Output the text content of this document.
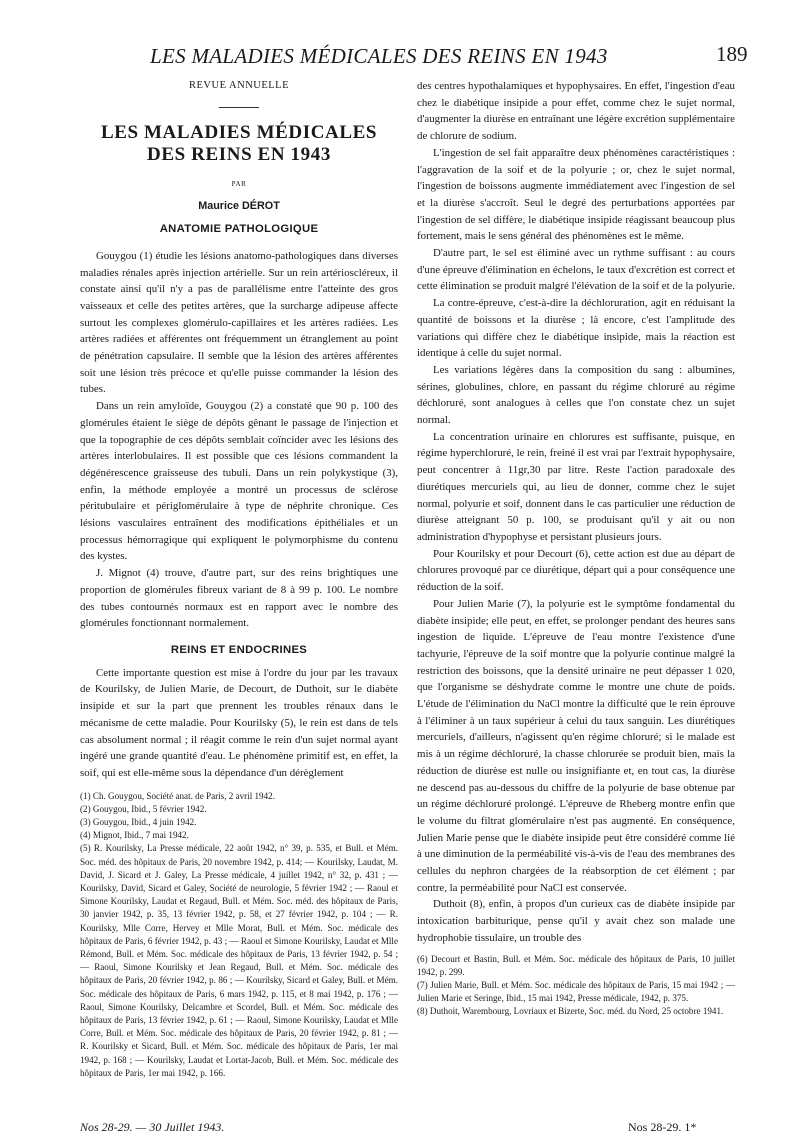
LES MALADIES MÉDICALES DES REINS EN 1943	189
REVUE ANNUELLE
LES MALADIES MÉDICALES DES REINS EN 1943
PAR
Maurice DÉROT
ANATOMIE PATHOLOGIQUE

Gouygou (1) étudie les lésions anatomo-pathologiques dans diverses maladies rénales après injection artérielle. Sur un rein artérioscléreux, il constate ainsi qu'il n'y a pas de parallélisme entre l'atteinte des gros vaisseaux et celle des petites artères, que la surcharge adipeuse affecte surtout les complexes glomérulo-capillaires et les artères radiées. Les artères radiées et afférentes ont fréquemment un étranglement au point de pénétration capsulaire. Il semble que la lésion des artères afférentes soit une lésion très précoce et qu'elle puisse commander la lésion des tubes.

Dans un rein amyloïde, Gouygou (2) a constaté que 90 p. 100 des glomérules étaient le siège de dépôts gênant le passage de l'injection et que la topographie de ces dépôts semblait coïncider avec les lésions des artères interlobulaires. Il est possible que ces lésions commandent la dégénérescence graisseuse des tubuli. Dans un rein polykystique (3), enfin, la méthode employée a montré un processus de sclérose péritubulaire et périglomérulaire à type de néphrite chronique. Ces lésions vasculaires entraînent des modifications épithéliales et un processus hémorragique qui expliquent le polymorphisme du contenu des kystes.

J. Mignot (4) trouve, d'autre part, sur des reins brightiques une proportion de glomérules fibreux variant de 8 à 99 p. 100. Le nombre des tubes contournés normaux est en rapport avec le nombre des glomérules fonctionnant normalement.

REINS ET ENDOCRINES

Cette importante question est mise à l'ordre du jour par les travaux de Kourilsky, de Julien Marie, de Decourt, de Duthoit, sur le diabète insipide et sur la part que prennent les troubles rénaux dans le mécanisme de cette maladie. Pour Kourilsky (5), le rein est dans de tels cas absolument normal ; il réagit comme le rein d'un sujet normal ayant ingéré une grande quantité d'eau. Le phénomène primitif est, en effet, la soif, qui est elle-même sous la dépendance d'un dérèglement

(1) Ch. Gouygou, Société anat. de Paris, 2 avril 1942.
(2) Gouygou, Ibid., 5 février 1942.
(3) Gouygou, Ibid., 4 juin 1942.
(4) Mignot, Ibid., 7 mai 1942.
(5) R. Kourilsky, La Presse médicale, 22 août 1942, n° 39, p. 535, et Bull. et Mém. Soc. méd. des hôpitaux de Paris, 20 novembre 1942, p. 414; — Kourilsky, Laudat, M. David, J. Sicard et J. Galey, La Presse médicale, 4 juillet 1942, n° 32, p. 431 ; — Kourilsky, David, Sicard et Galey, Société de neurologie, 5 février 1942 ; — Raoul et Simone Kourilsky, Laudat et Regaud, Bull. et Mém. Soc. méd. des hôpitaux de Paris, 30 janvier 1942, p. 35, 13 février 1942, p. 58, et 27 février 1942, p. 104 ; — R. Kourilsky, Mlle Corre, Hervey et Mlle Morat, Bull. et Mém. Soc. médicale des hôpitaux de Paris, 6 février 1942, p. 43 ; — Raoul et Simone Kourilsky, Laudat et Mlle Rémond, Bull. et Mém. Soc. médicale des hôpitaux de Paris, 13 février 1942, p. 54 ; — Raoul, Simone Kourilsky et Jean Regaud, Bull. et Mém. Soc. médicale des hôpitaux de Paris, 20 février 1942, p. 86 ; — Kourilsky, Sicard et Galey, Bull. et Mém. Soc. médicale des hôpitaux de Paris, 6 mars 1942, p. 115, et 8 mai 1942, p. 176 ; — Raoul, Simone Kourilsky, Delcambre et Scordel, Bull. et Mém. Soc. médicale des hôpitaux de Paris, 13 février 1942, p. 61 ; — Raoul, Simone Kourilsky, Laudat et Mlle Corre, Bull. et Mém. Soc. médicale des hôpitaux de Paris, 20 février 1942, p. 81 ; — R. Kourilsky et Sicard, Bull. et Mém. Soc. médicale des hôpitaux de Paris, 1er mai 1942, p. 168 ; — Kourilsky, Laudat et Lortat-Jacob, Bull. et Mém. Soc. médicale des hôpitaux de Paris, 1er mai 1942, p. 166.

des centres hypothalamiques et hypophysaires. En effet, l'ingestion d'eau chez le diabétique insipide a pour effet, comme chez le sujet normal, d'augmenter la diurèse en entraînant une légère excrétion supplémentaire de chlorure de sodium.

L'ingestion de sel fait apparaître deux phénomènes caractéristiques : l'aggravation de la soif et de la polyurie ; or, chez le sujet normal, l'ingestion de boissons augmente immédiatement avec l'ingestion de sel et la diurèse s'accroît. Seul le degré des perturbations apportées par l'ingestion de sel diffère, le diabétique insipide réagissant beaucoup plus fortement, mais le sens général des phénomènes est le même.

D'autre part, le sel est éliminé avec un rythme suffisant : au cours d'une épreuve d'élimination en échelons, le taux d'excrétion est correct et cette élimination se produit malgré l'élévation de la soif et de la polyurie.

La contre-épreuve, c'est-à-dire la déchloruration, agit en réduisant la quantité de boissons et la diurèse ; là encore, c'est l'amplitude des variations qui diffère chez le diabétique insipide, mais la réaction est identique à celle du sujet normal.

Les variations légères dans la composition du sang : albumines, sérines, globulines, chlore, en passant du régime chloruré au régime déchloruré, sont analogues à celles que l'on constate chez un sujet normal.

La concentration urinaire en chlorures est suffisante, puisque, en régime hyperchloruré, le rein, freiné il est vrai par l'extrait hypophysaire, peut concentrer à 11gr,30 par litre. Reste l'action paradoxale des diurétiques mercuriels qui, au lieu de donner, comme chez le sujet normal, polyurie et soif, donnent dans le cas particulier une réduction de diurèse atteignant 50 p. 100, se produisant qu'il y ait ou non administration d'hypophyse et persistant plusieurs jours.

Pour Kourilsky et pour Decourt (6), cette action est due au départ de chlorures provoqué par ce diurétique, départ qui a pour conséquence une réduction de la soif.

Pour Julien Marie (7), la polyurie est le symptôme fondamental du diabète insipide; elle peut, en effet, se prolonger pendant des heures sans ingestion de liquide. L'épreuve de l'eau montre l'existence d'une tachyurie, l'épreuve de la soif montre que la polyurie continue malgré la restriction des boissons, que la densité urinaire ne peut dépasser 1 020, que l'organisme se déshydrate comme le montre une chute de poids. L'étude de l'élimination du NaCl montre la difficulté que le rein éprouve à l'éliminer à un taux supérieur à celui du taux sanguin. Les diurétiques mercuriels, d'ailleurs, n'agissent qu'en régime chloruré; si le malade est mis à un régime déchloruré, la chasse chlorurée se produit bien, mais la réduction de diurèse est nulle ou insignifiante et, en tout cas, la diurèse ne descend pas au-dessous du chiffre de la polyurie de base obtenue par un régime déchloruré prolongé. L'épreuve de Rheberg montre enfin que le volume du filtrat glomérulaire n'est pas augmenté. En conséquence, Julien Marie pense que le diabète insipide peut être considéré comme lié à une diminution de la perméabilité vis-à-vis de l'eau des membranes des cellules du nephron chargées de la réabsorption de cet élément ; par contre, la perméabilité pour NaCl est conservée.

Duthoit (8), enfin, à propos d'un curieux cas de diabète insipide par intoxication barbiturique, pense qu'il y avait chez son malade une hydrophobie tissulaire, un trouble des

(6) Decourt et Bastin, Bull. et Mém. Soc. médicale des hôpitaux de Paris, 10 juillet 1942, p. 299.
(7) Julien Marie, Bull. et Mém. Soc. médicale des hôpitaux de Paris, 15 mai 1942 ; — Julien Marie et Seringe, Ibid., 15 mai 1942, Presse médicale, 1942, p. 375.
(8) Duthoit, Warembourg, Lovriaux et Bizerte, Soc. méd. du Nord, 25 octobre 1941.
Nos 28-29. — 30 Juillet 1943.	Nos 28-29. 1*
